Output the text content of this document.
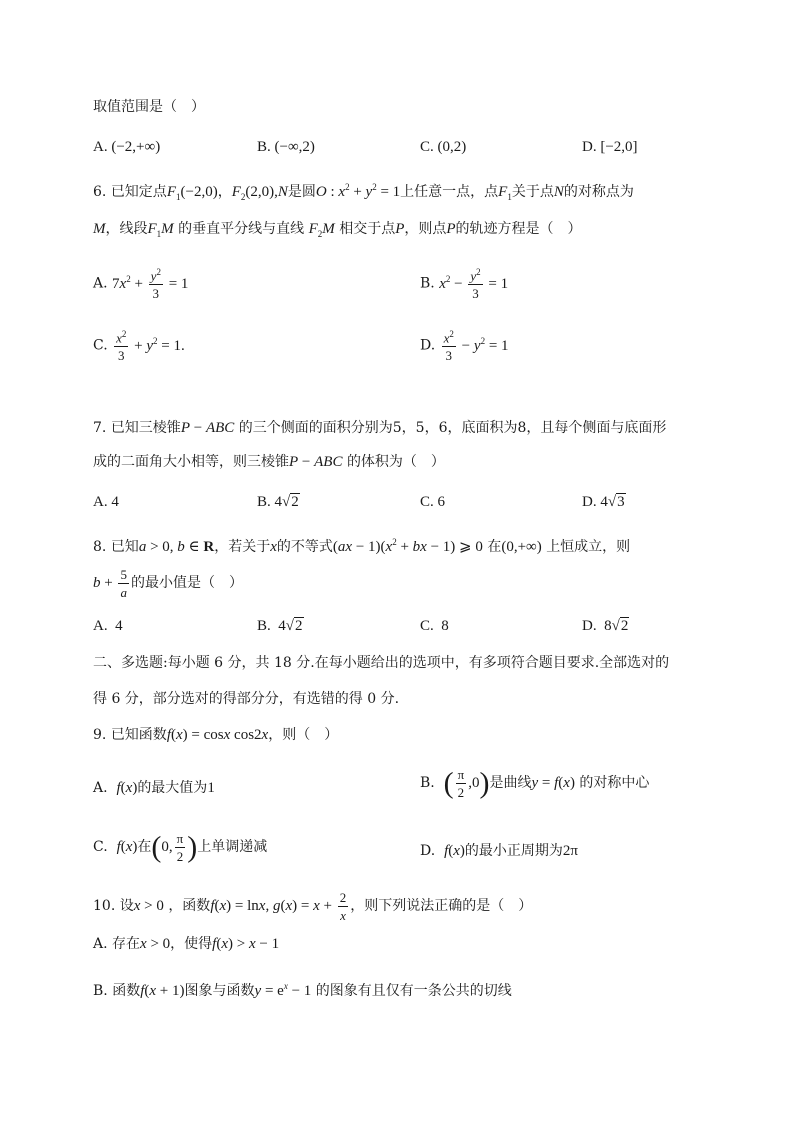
取值范围是（　）
A. (−2,+∞)	B. (−∞,2)	C. (0,2)	D. [−2,0]
6. 已知定点$F_1(-2,0)$，$F_2(2,0),N$是圆O : $x^2 + y^2 = 1$上任意一点，点$F_1$关于点N的对称点为
M，线段$F_1M$ 的垂直平分线与直线 $F_2M$ 相交于点P，则点P的轨迹方程是（　）
A. $7x^2 + \frac{y^2}{3} = 1$	B. $x^2 - \frac{y^2}{3} = 1$
C. $\frac{x^2}{3} + y^2 = 1$.	D. $\frac{x^2}{3} - y^2 = 1$
7. 已知三棱锥P − ABC 的三个侧面的面积分别为5，5，6，底面积为8，且每个侧面与底面形
成的二面角大小相等，则三棱锥P − ABC 的体积为（　）
A. 4	B. 4√2	C. 6	D. 4√3
8. 已知a > 0, b ∈ R，若关于x的不等式$(ax - 1)(x^2$ + bx − 1) ⩾ 0 在(0,+∞) 上恒成立，则
$b + \frac{5}{a}$ 的最小值是（　）
A. 4	B. 4√2	C. 8	D. 8√2
二、多选题:每小题 6 分，共 18 分.在每小题给出的选项中，有多项符合题目要求.全部选对的
得 6 分，部分选对的得部分分，有选错的得 0 分.
9. 已知函数f(x) = cosx cos2x，则（　）
A.  f(x)的最大值为1	B.  ( $\frac{\pi}{2} ,0$)是曲线y = f(x) 的对称中心
C.  f(x)在(0, $\frac{\pi}{2}$ )上单调递减	D.  f(x)的最小正周期为2π
10. 设x > 0 ，函数f(x) = lnx, $g(x) = x + \frac{2}{x}$ ，则下列说法正确的是（　）
A. 存在x > 0，使得f(x) > x − 1
B. 函数f(x + 1)图象与函数$y = e^x - 1$ 的图象有且仅有一条公共的切线
